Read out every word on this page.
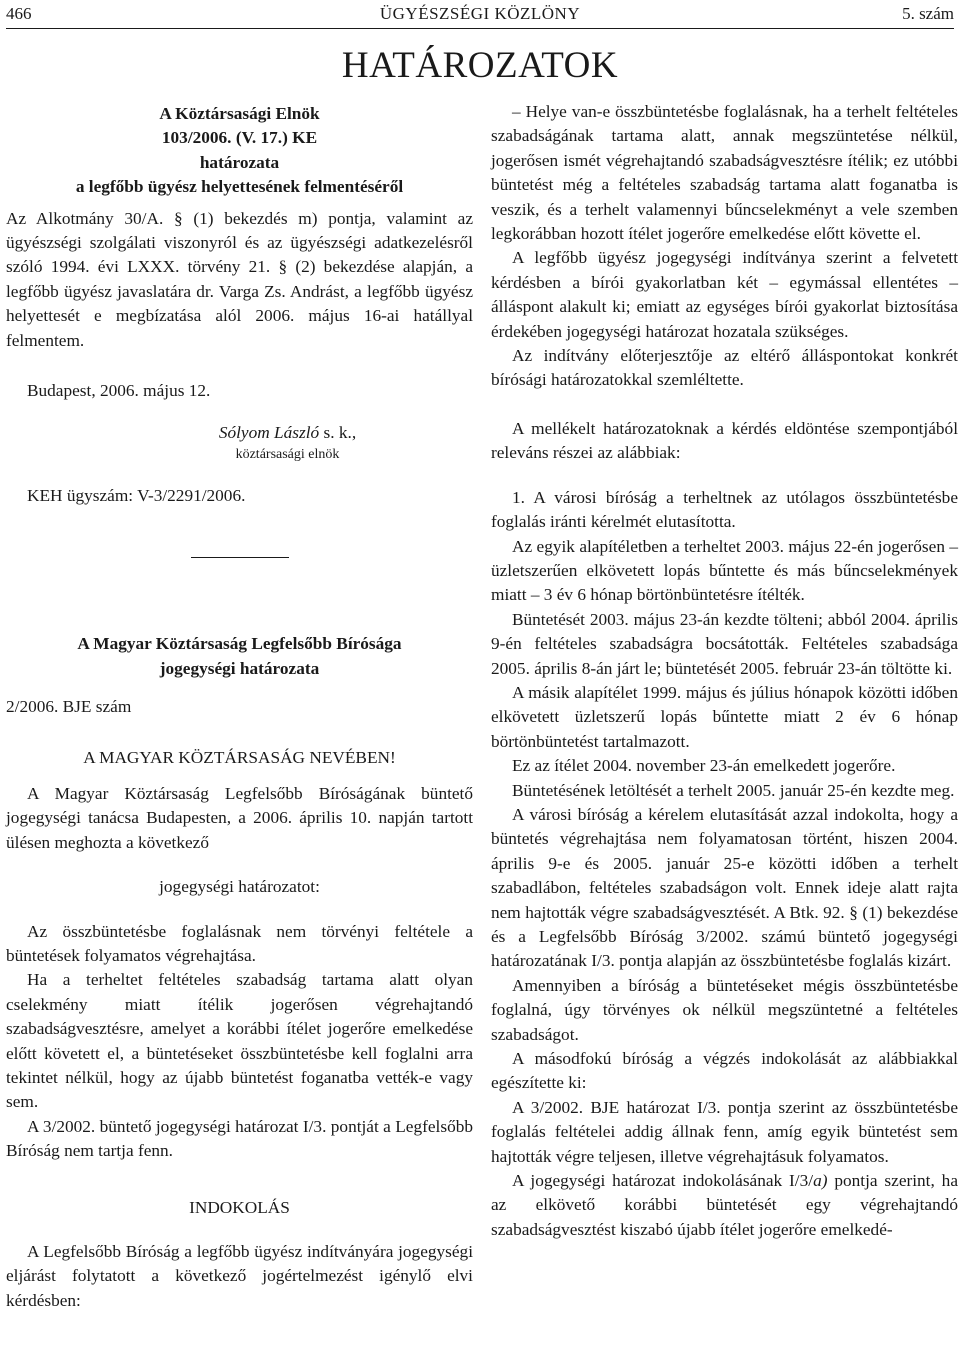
466	ÜGYÉSZSÉGI KÖZLÖNY	5. szám
HATÁROZATOK

A Köztársasági Elnök

103/2006. (V. 17.) KE

határozata

a legfőbb ügyész helyettesének felmentéséről

Az Alkotmány 30/A. § (1) bekezdés m) pontja, valamint az ügyészségi szolgálati viszonyról és az ügyészségi adatkezelésről szóló 1994. évi LXXX. törvény 21. § (2) bekezdése alapján, a legfőbb ügyész javaslatára dr. Varga Zs. Andrást, a legfőbb ügyész helyettesét e megbízatása alól 2006. május 16-ai hatállyal felmentem.

Budapest, 2006. május 12.

Sólyom László s. k.,
köztársasági elnök

KEH ügyszám: V-3/2291/2006.

A Magyar Köztársaság Legfelsőbb Bírósága

jogegységi határozata

2/2006. BJE szám

A MAGYAR KÖZTÁRSASÁG NEVÉBEN!

A Magyar Köztársaság Legfelsőbb Bíróságának büntető jogegységi tanácsa Budapesten, a 2006. április 10. napján tartott ülésen meghozta a következő

jogegységi határozatot:

Az összbüntetésbe foglalásnak nem törvényi feltétele a büntetések folyamatos végrehajtása.

Ha a terheltet feltételes szabadság tartama alatt olyan cselekmény miatt ítélik jogerősen végrehajtandó szabadságvesztésre, amelyet a korábbi ítélet jogerőre emelkedése előtt követett el, a büntetéseket összbüntetésbe kell foglalni arra tekintet nélkül, hogy az újabb büntetést foganatba vették-e vagy sem.

A 3/2002. büntető jogegységi határozat I/3. pontját a Legfelsőbb Bíróság nem tartja fenn.

INDOKOLÁS

A Legfelsőbb Bíróság a legfőbb ügyész indítványára jogegységi eljárást folytatott a következő jogértelmezést igénylő elvi kérdésben:

– Helye van-e összbüntetésbe foglalásnak, ha a terhelt feltételes szabadságának tartama alatt, annak megszüntetése nélkül, jogerősen ismét végrehajtandó szabadságvesztésre ítélik; ez utóbbi büntetést még a feltételes szabadság tartama alatt foganatba is veszik, és a terhelt valamennyi bűncselekményt a vele szemben legkorábban hozott ítélet jogerőre emelkedése előtt követte el.

A legfőbb ügyész jogegységi indítványa szerint a felvetett kérdésben a bírói gyakorlatban két – egymással ellentétes – álláspont alakult ki; emiatt az egységes bírói gyakorlat biztosítása érdekében jogegységi határozat hozatala szükséges.

Az indítvány előterjesztője az eltérő álláspontokat konkrét bírósági határozatokkal szemléltette.

A mellékelt határozatoknak a kérdés eldöntése szempontjából releváns részei az alábbiak:

1. A városi bíróság a terheltnek az utólagos összbüntetésbe foglalás iránti kérelmét elutasította.

Az egyik alapítéletben a terheltet 2003. május 22-én jogerősen – üzletszerűen elkövetett lopás bűntette és más bűncselekmények miatt – 3 év 6 hónap börtönbüntetésre ítélték.

Büntetését 2003. május 23-án kezdte tölteni; abból 2004. április 9-én feltételes szabadságra bocsátották. Feltételes szabadsága 2005. április 8-án járt le; büntetését 2005. február 23-án töltötte ki.

A másik alapítélet 1999. május és július hónapok közötti időben elkövetett üzletszerű lopás bűntette miatt 2 év 6 hónap börtönbüntetést tartalmazott.

Ez az ítélet 2004. november 23-án emelkedett jogerőre.

Büntetésének letöltését a terhelt 2005. január 25-én kezdte meg.

A városi bíróság a kérelem elutasítását azzal indokolta, hogy a büntetés végrehajtása nem folyamatosan történt, hiszen 2004. április 9-e és 2005. január 25-e közötti időben a terhelt szabadlábon, feltételes szabadságon volt. Ennek ideje alatt rajta nem hajtották végre szabadságvesztését. A Btk. 92. § (1) bekezdése és a Legfelsőbb Bíróság 3/2002. számú büntető jogegységi határozatának I/3. pontja alapján az összbüntetésbe foglalás kizárt.

Amennyiben a bíróság a büntetéseket mégis összbüntetésbe foglalná, úgy törvényes ok nélkül megszüntetné a feltételes szabadságot.

A másodfokú bíróság a végzés indokolását az alábbiakkal egészítette ki:

A 3/2002. BJE határozat I/3. pontja szerint az összbüntetésbe foglalás feltételei addig állnak fenn, amíg egyik büntetést sem hajtották végre teljesen, illetve végrehajtásuk folyamatos.

A jogegységi határozat indokolásának I/3/a) pontja szerint, ha az elkövető korábbi büntetését egy végrehajtandó szabadságvesztést kiszabó újabb ítélet jogerőre emelkedé-
